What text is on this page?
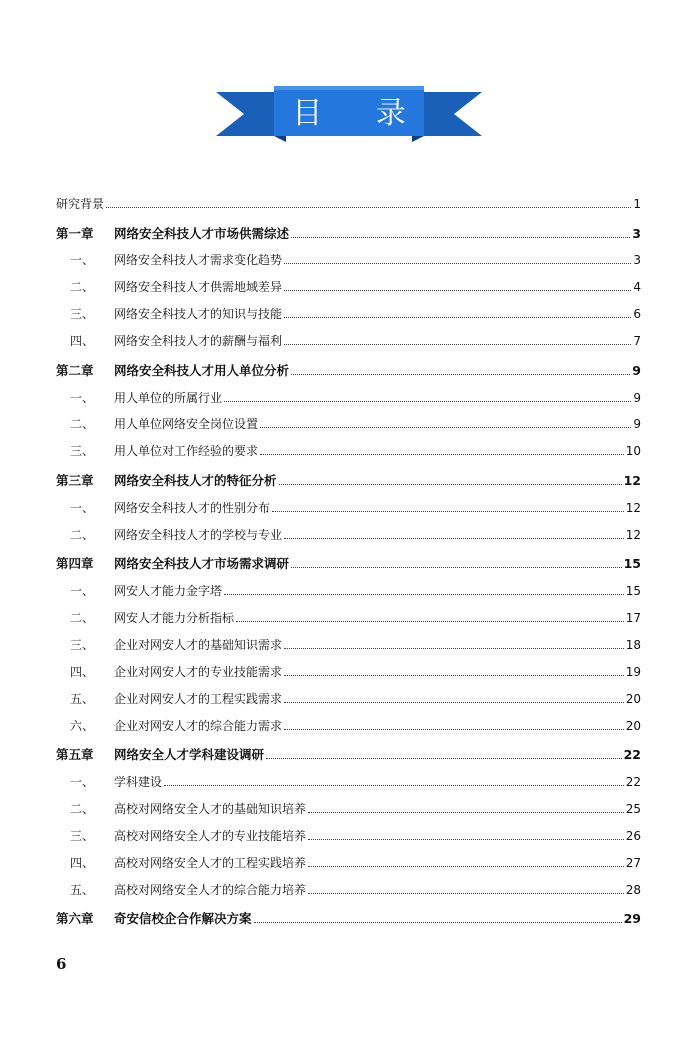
目 录
研究背景	1
第一章	网络安全科技人才市场供需综述	3
一、	网络安全科技人才需求变化趋势	3
二、	网络安全科技人才供需地域差异	4
三、	网络安全科技人才的知识与技能	6
四、	网络安全科技人才的薪酬与福利	7
第二章	网络安全科技人才用人单位分析	9
一、	用人单位的所属行业	9
二、	用人单位网络安全岗位设置	9
三、	用人单位对工作经验的要求	10
第三章	网络安全科技人才的特征分析	12
一、	网络安全科技人才的性别分布	12
二、	网络安全科技人才的学校与专业	12
第四章	网络安全科技人才市场需求调研	15
一、	网安人才能力金字塔	15
二、	网安人才能力分析指标	17
三、	企业对网安人才的基础知识需求	18
四、	企业对网安人才的专业技能需求	19
五、	企业对网安人才的工程实践需求	20
六、	企业对网安人才的综合能力需求	20
第五章	网络安全人才学科建设调研	22
一、	学科建设	22
二、	高校对网络安全人才的基础知识培养	25
三、	高校对网络安全人才的专业技能培养	26
四、	高校对网络安全人才的工程实践培养	27
五、	高校对网络安全人才的综合能力培养	28
第六章	奇安信校企合作解决方案	29
6
